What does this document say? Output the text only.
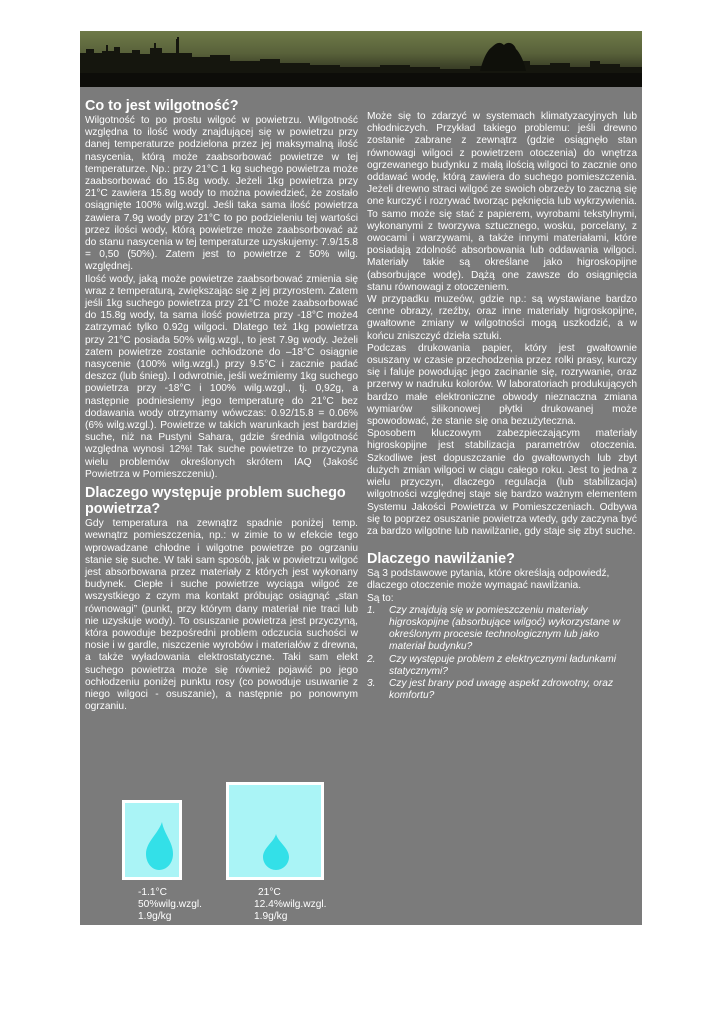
Co to jest wilgotność?

Wilgotność to po prostu wilgoć w powietrzu. Wilgotność względna to ilość wody znajdującej się w powietrzu przy danej temperaturze podzielona przez jej maksymalną ilość nasycenia, którą może zaabsorbować powietrze w tej temperaturze. Np.: przy 21°C 1 kg suchego powietrza może zaabsorbować do 15.8g wody. Jeżeli 1kg powietrza przy 21°C zawiera 15.8g wody to można powiedzieć, że zostało osiągnięte 100% wilg.wzgl. Jeśli taka sama ilość powietrza zawiera 7.9g wody przy 21°C to po podzieleniu tej wartości przez ilości wody, którą powietrze może zaabsorbować aż do stanu nasycenia w tej temperaturze uzyskujemy: 7.9/15.8 = 0,50 (50%). Zatem jest to powietrze z 50% wilg. względnej.

Ilość wody, jaką może powietrze zaabsorbować zmienia się wraz z temperaturą, zwiększając się z jej przyrostem. Zatem jeśli 1kg suchego powietrza przy 21°C może zaabsorbować do 15.8g wody, ta sama ilość powietrza przy -18°C może4 zatrzymać tylko 0.92g wilgoci. Dlatego też 1kg powietrza przy 21°C posiada 50% wilg.wzgl., to jest 7.9g wody. Jeżeli zatem powietrze zostanie ochłodzone do –18°C osiągnie nasycenie (100% wilg.wzgl.) przy 9.5°C i zacznie padać deszcz (lub śnieg). I odwrotnie, jeśli weźmiemy 1kg suchego powietrza przy -18°C i 100% wilg.wzgl., tj. 0,92g, a następnie podniesiemy jego temperaturę do 21°C bez dodawania wody otrzymamy wówczas: 0.92/15.8 = 0.06% (6% wilg.wzgl.). Powietrze w takich warunkach jest bardziej suche, niż na Pustyni Sahara, gdzie średnia wilgotność względna wynosi 12%! Tak suche powietrze to przyczyna wielu problemów określonych skrótem IAQ (Jakość Powietrza w Pomieszczeniu).

Dlaczego występuje problem suchego powietrza?

Gdy temperatura na zewnątrz spadnie poniżej temp. wewnątrz pomieszczenia, np.: w zimie to w efekcie tego wprowadzane chłodne i wilgotne powietrze po ogrzaniu stanie się suche. W taki sam sposób, jak w powietrzu wilgoć jest absorbowana przez materiały z których jest wykonany budynek. Ciepłe i suche powietrze wyciąga wilgoć ze wszystkiego z czym ma kontakt próbując osiągnąć „stan równowagi” (punkt, przy którym dany materiał nie traci lub nie uzyskuje wody). To osuszanie powietrza jest przyczyną, która powoduje bezpośredni problem odczucia suchości w nosie i w gardle, niszczenie wyrobów i materiałów z drewna, a także wyładowania elektrostatyczne. Taki sam elekt suchego powietrza może się również pojawić po jego ochłodzeniu poniżej punktu rosy (co powoduje usuwanie z niego wilgoci - osuszanie), a następnie po ponownym ogrzaniu.

Może się to zdarzyć w systemach klimatyzacyjnych lub chłodniczych. Przykład takiego problemu: jeśli drewno zostanie zabrane z zewnątrz (gdzie osiągnęło stan równowagi wilgoci z powietrzem otoczenia) do wnętrza ogrzewanego budynku z małą ilością wilgoci to zacznie ono oddawać wodę, którą zawiera do suchego pomieszczenia. Jeżeli drewno straci wilgoć ze swoich obrzeży to zaczną się one kurczyć i rozrywać tworząc pęknięcia lub wykrzywienia. To samo może się stać z papierem, wyrobami tekstylnymi, wykonanymi z tworzywa sztucznego, wosku, porcelany, z owocami i warzywami, a także innymi materiałami, które posiadają zdolność absorbowania lub oddawania wilgoci. Materiały takie są określane jako higroskopijne (absorbujące wodę). Dążą one zawsze do osiągnięcia stanu równowagi z otoczeniem.

W przypadku muzeów, gdzie np.: są wystawiane bardzo cenne obrazy, rzeźby, oraz inne materiały higroskopijne, gwałtowne zmiany w wilgotności mogą uszkodzić, a w końcu zniszczyć dzieła sztuki.

Podczas drukowania papier, który jest gwałtownie osuszany w czasie przechodzenia przez rolki prasy, kurczy się i faluje powodując jego zacinanie się, rozrywanie, oraz przerwy w nadruku kolorów. W laboratoriach produkujących bardzo małe elektroniczne obwody nieznaczna zmiana wymiarów silikonowej płytki drukowanej może spowodować, że stanie się ona bezużyteczna.

Sposobem kluczowym zabezpieczającym materiały higroskopijne jest stabilizacja parametrów otoczenia. Szkodliwe jest dopuszczanie do gwałtownych lub zbyt dużych zmian wilgoci w ciągu całego roku. Jest to jedna z wielu przyczyn, dlaczego regulacja (lub stabilizacja) wilgotności względnej staje się bardzo ważnym elementem Systemu Jakości Powietrza w Pomieszczeniach. Odbywa się to poprzez osuszanie powietrza wtedy, gdy zaczyna być za bardzo wilgotne lub nawilżanie, gdy staje się zbyt suche.

Dlaczego nawilżanie?

Są 3 podstawowe pytania, które określają odpowiedź, dlaczego otoczenie może wymagać nawilżania.

Są to:

1. Czy znajdują się w pomieszczeniu materiały higroskopijne (absorbujące wilgoć) wykorzystane w określonym procesie technologicznym lub jako materiał budynku?
2. Czy występuje problem z elektrycznymi ładunkami statycznymi?
3. Czy jest brany pod uwagę aspekt zdrowotny, oraz komfortu?
-1.1°C
50%wilg.wzgl.
1.9g/kg
21°C
12.4%wilg.wzgl.
1.9g/kg
